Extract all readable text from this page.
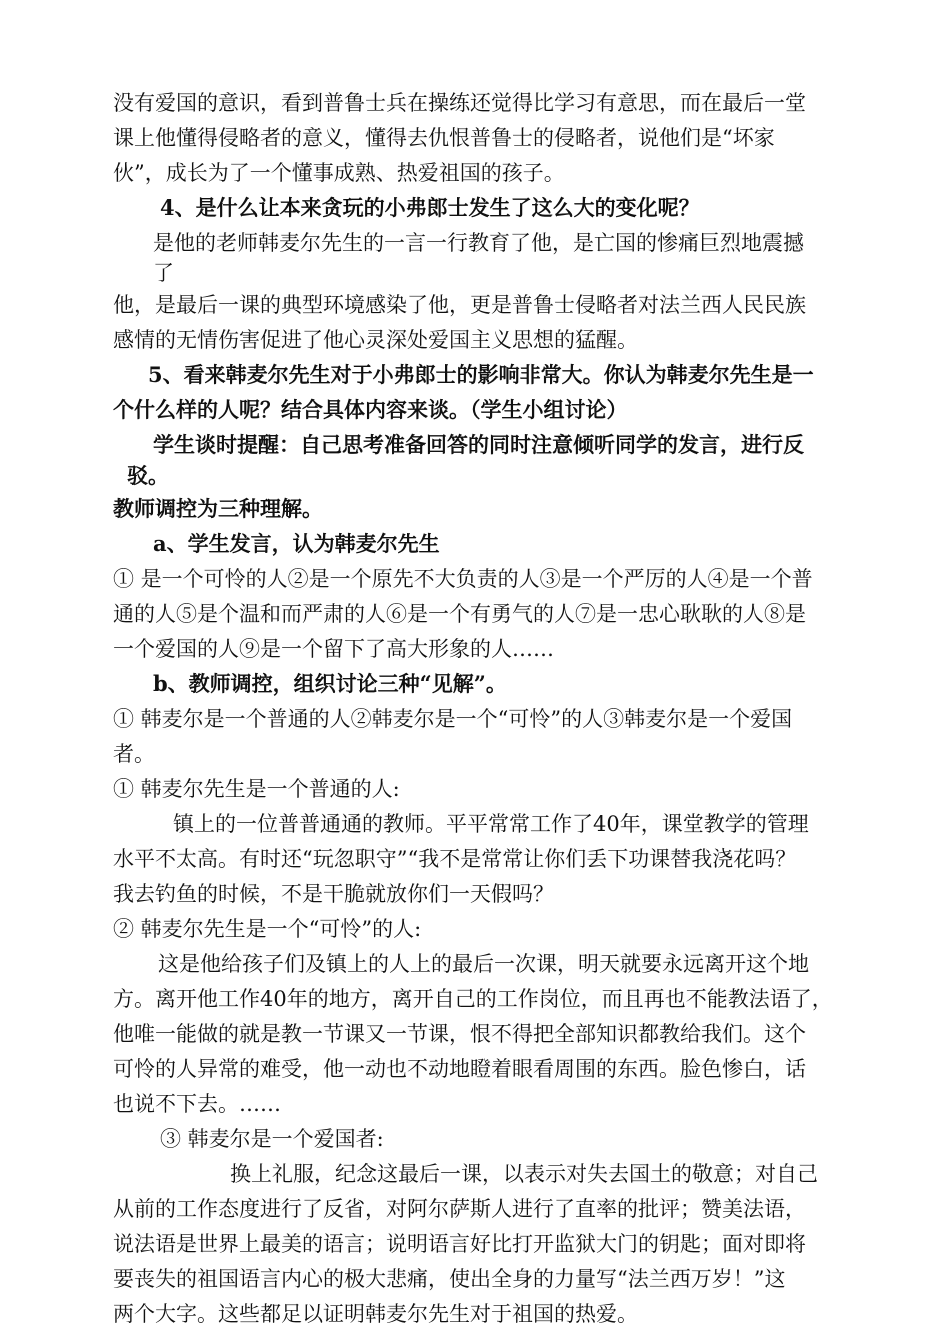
没有爱国的意识，看到普鲁士兵在操练还觉得比学习有意思，而在最后一堂
课上他懂得侵略者的意义，懂得去仇恨普鲁士的侵略者，说他们是“坏家
伙”，成长为了一个懂事成熟、热爱祖国的孩子。
4、是什么让本来贪玩的小弗郎士发生了这么大的变化呢？
是他的老师韩麦尔先生的一言一行教育了他，是亡国的惨痛巨烈地震撼
了
他，是最后一课的典型环境感染了他，更是普鲁士侵略者对法兰西人民民族
感情的无情伤害促进了他心灵深处爱国主义思想的猛醒。
5、看来韩麦尔先生对于小弗郎士的影响非常大。你认为韩麦尔先生是一
个什么样的人呢？结合具体内容来谈。（学生小组讨论）
学生谈时提醒：自己思考准备回答的同时注意倾听同学的发言，进行反
驳。
教师调控为三种理解。
a、学生发言，认为韩麦尔先生
① 是一个可怜的人②是一个原先不大负责的人③是一个严厉的人④是一个普
通的人⑤是个温和而严肃的人⑥是一个有勇气的人⑦是一忠心耿耿的人⑧是
一个爱国的人⑨是一个留下了高大形象的人……
b、教师调控，组织讨论三种“见解”。
① 韩麦尔是一个普通的人②韩麦尔是一个“可怜”的人③韩麦尔是一个爱国
者。
① 韩麦尔先生是一个普通的人:
镇上的一位普普通通的教师。平平常常工作了40年，课堂教学的管理
水平不太高。有时还“玩忽职守”“我不是常常让你们丢下功课替我浇花吗？
我去钓鱼的时候，不是干脆就放你们一天假吗？
② 韩麦尔先生是一个“可怜”的人:
这是他给孩子们及镇上的人上的最后一次课，明天就要永远离开这个地
方。离开他工作40年的地方，离开自己的工作岗位，而且再也不能教法语了，
他唯一能做的就是教一节课又一节课，恨不得把全部知识都教给我们。这个
可怜的人异常的难受，他一动也不动地瞪着眼看周围的东西。脸色惨白，话
也说不下去。……
③ 韩麦尔是一个爱国者:
换上礼服，纪念这最后一课，以表示对失去国土的敬意；对自己
从前的工作态度进行了反省，对阿尔萨斯人进行了直率的批评；赞美法语，
说法语是世界上最美的语言；说明语言好比打开监狱大门的钥匙；面对即将
要丧失的祖国语言内心的极大悲痛，使出全身的力量写“法兰西万岁！”这
两个大字。这些都足以证明韩麦尔先生对于祖国的热爱。
